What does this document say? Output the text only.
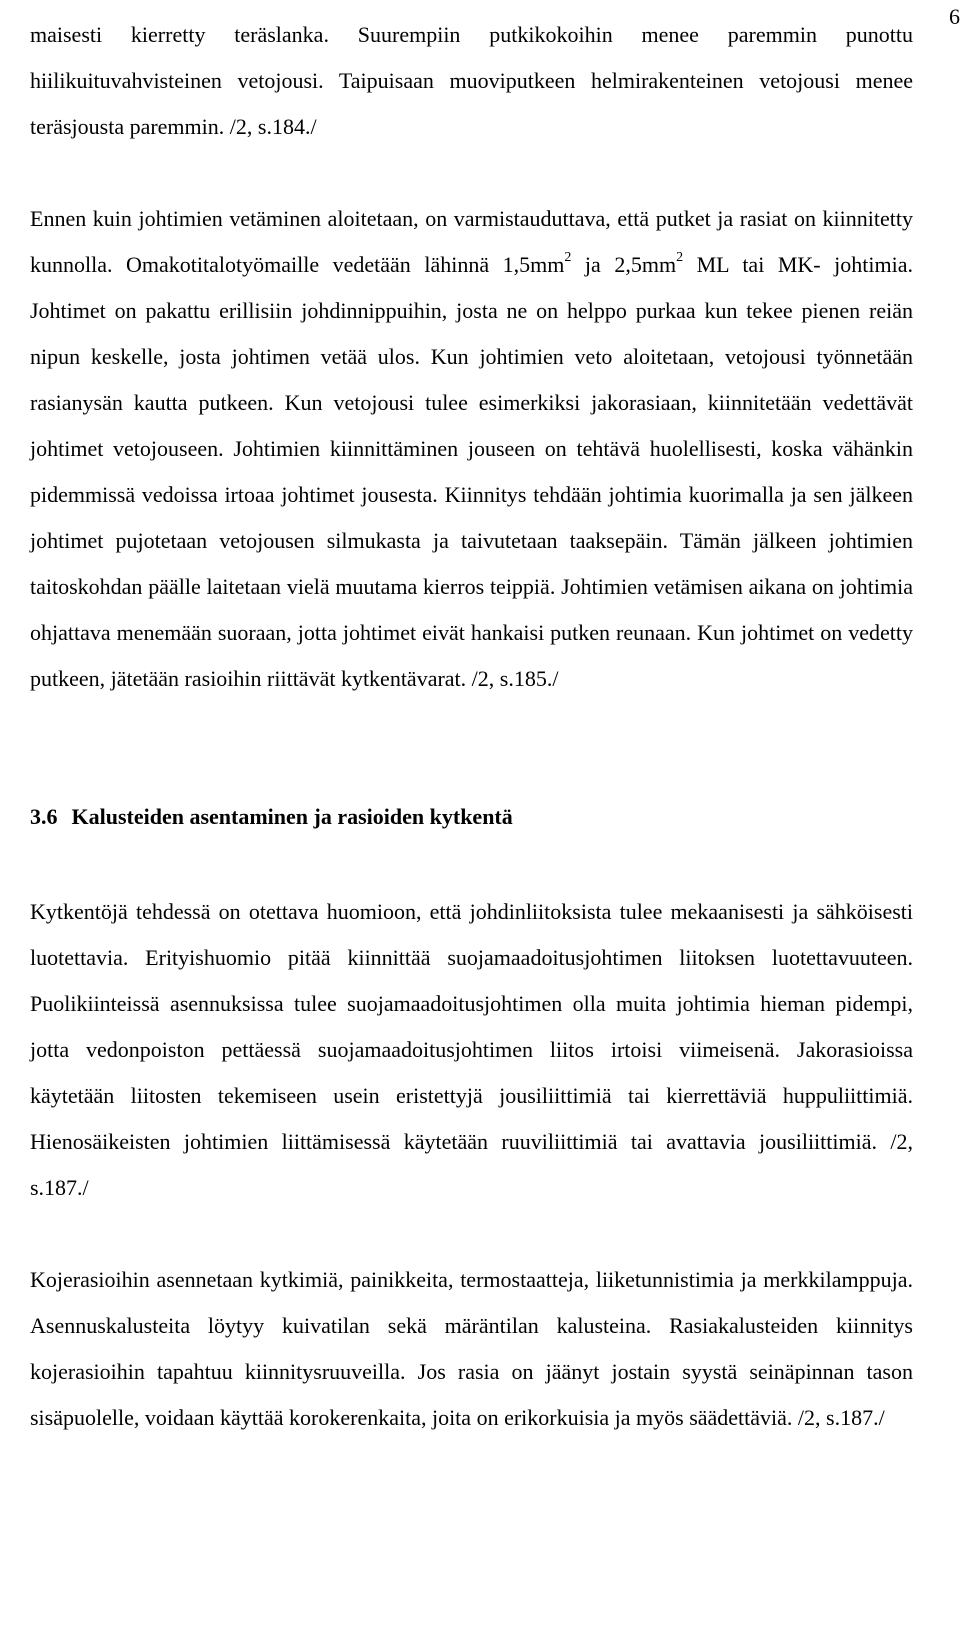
6

maisesti kierretty teräslanka. Suurempiin putkikokoihin menee paremmin punottu hiilikuituvahvisteinen vetojousi. Taipuisaan muoviputkeen helmirakenteinen vetojousi menee teräsjousta paremmin. /2, s.184./

Ennen kuin johtimien vetäminen aloitetaan, on varmistauduttava, että putket ja rasiat on kiinnitetty kunnolla. Omakotitalotyömaille vedetään lähinnä $1,5mm^2$ ja $2,5mm^2$ ML tai MK- johtimia. Johtimet on pakattu erillisiin johdinnippuihin, josta ne on helppo purkaa kun tekee pienen reiän nipun keskelle, josta johtimen vetää ulos. Kun johtimien veto aloitetaan, vetojousi työnnetään rasianysän kautta putkeen. Kun vetojousi tulee esimerkiksi jakorasiaan, kiinnitetään vedettävät johtimet vetojouseen. Johtimien kiinnittäminen jouseen on tehtävä huolellisesti, koska vähänkin pidemmissä vedoissa irtoaa johtimet jousesta. Kiinnitys tehdään johtimia kuorimalla ja sen jälkeen johtimet pujotetaan vetojousen silmukasta ja taivutetaan taaksepäin. Tämän jälkeen johtimien taitoskohdan päälle laitetaan vielä muutama kierros teippiä. Johtimien vetämisen aikana on johtimia ohjattava menemään suoraan, jotta johtimet eivät hankaisi putken reunaan. Kun johtimet on vedetty putkeen, jätetään rasioihin riittävät kytkentävarat. /2, s.185./

3.6 Kalusteiden asentaminen ja rasioiden kytkentä

Kytkentöjä tehdessä on otettava huomioon, että johdinliitoksista tulee mekaanisesti ja sähköisesti luotettavia. Erityishuomio pitää kiinnittää suojamaadoitusjohtimen liitoksen luotettavuuteen. Puolikiinteissä asennuksissa tulee suojamaadoitusjohtimen olla muita johtimia hieman pidempi, jotta vedonpoiston pettäessä suojamaadoitusjohtimen liitos irtoisi viimeisenä. Jakorasioissa käytetään liitosten tekemiseen usein eristettyjä jousiliittimiä tai kierrettäviä huppuliittimiä. Hienosäikeisten johtimien liittämisessä käytetään ruuviliittimiä tai avattavia jousiliittimiä. /2, s.187./

Kojerasioihin asennetaan kytkimiä, painikkeita, termostaatteja, liiketunnistimia ja merkkilamppuja. Asennuskalusteita löytyy kuivatilan sekä märäntilan kalusteina. Rasiakalusteiden kiinnitys kojerasioihin tapahtuu kiinnitysruuveilla. Jos rasia on jäänyt jostain syystä seinäpinnan tason sisäpuolelle, voidaan käyttää korokerenkaita, joita on erikorkuisia ja myös säädettäviä. /2, s.187./
